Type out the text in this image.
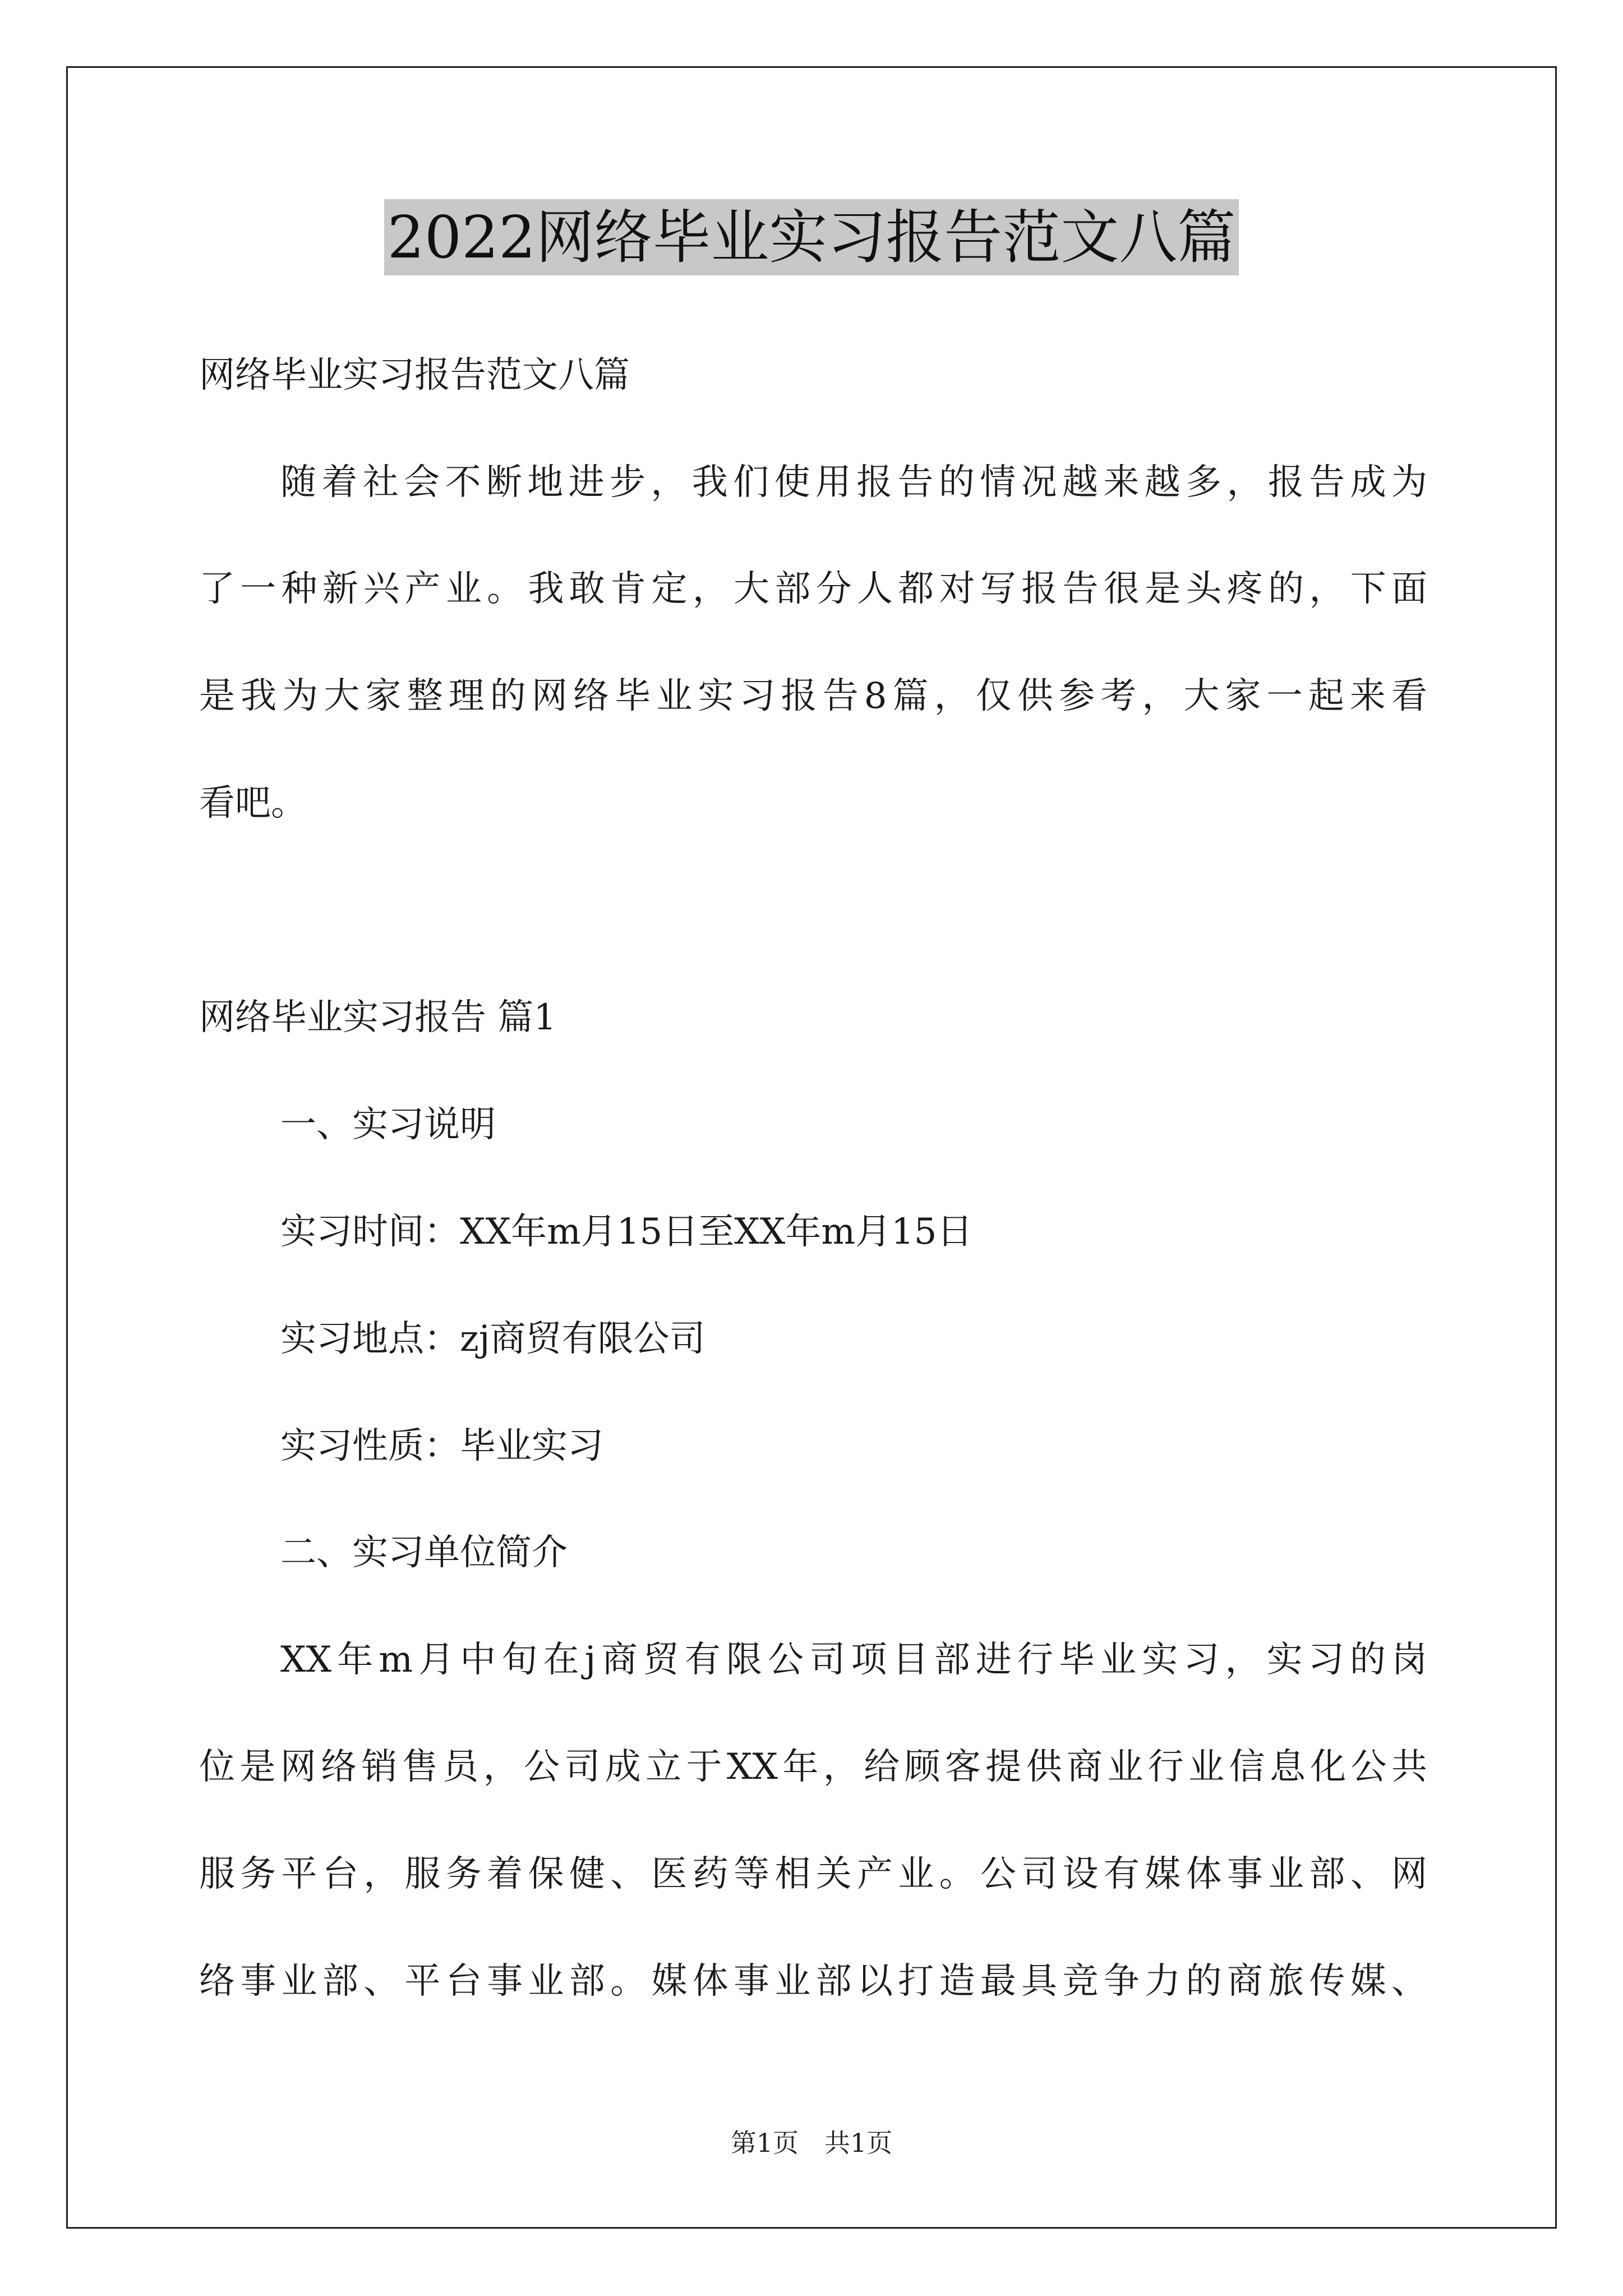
2022网络毕业实习报告范文八篇

网络毕业实习报告范文八篇

随着社会不断地进步，我们使用报告的情况越来越多，报告成为

了一种新兴产业。我敢肯定，大部分人都对写报告很是头疼的，下面

是我为大家整理的网络毕业实习报告8篇，仅供参考，大家一起来看

看吧。

网络毕业实习报告 篇1

一、实习说明

实习时间：XX年m月15日至XX年m月15日

实习地点：zj商贸有限公司

实习性质：毕业实习

二、实习单位简介

XX年m月中旬在j商贸有限公司项目部进行毕业实习，实习的岗

位是网络销售员，公司成立于XX年，给顾客提供商业行业信息化公共

服务平台，服务着保健、医药等相关产业。公司设有媒体事业部、网

络事业部、平台事业部。媒体事业部以打造最具竞争力的商旅传媒、

第1页　共1页
